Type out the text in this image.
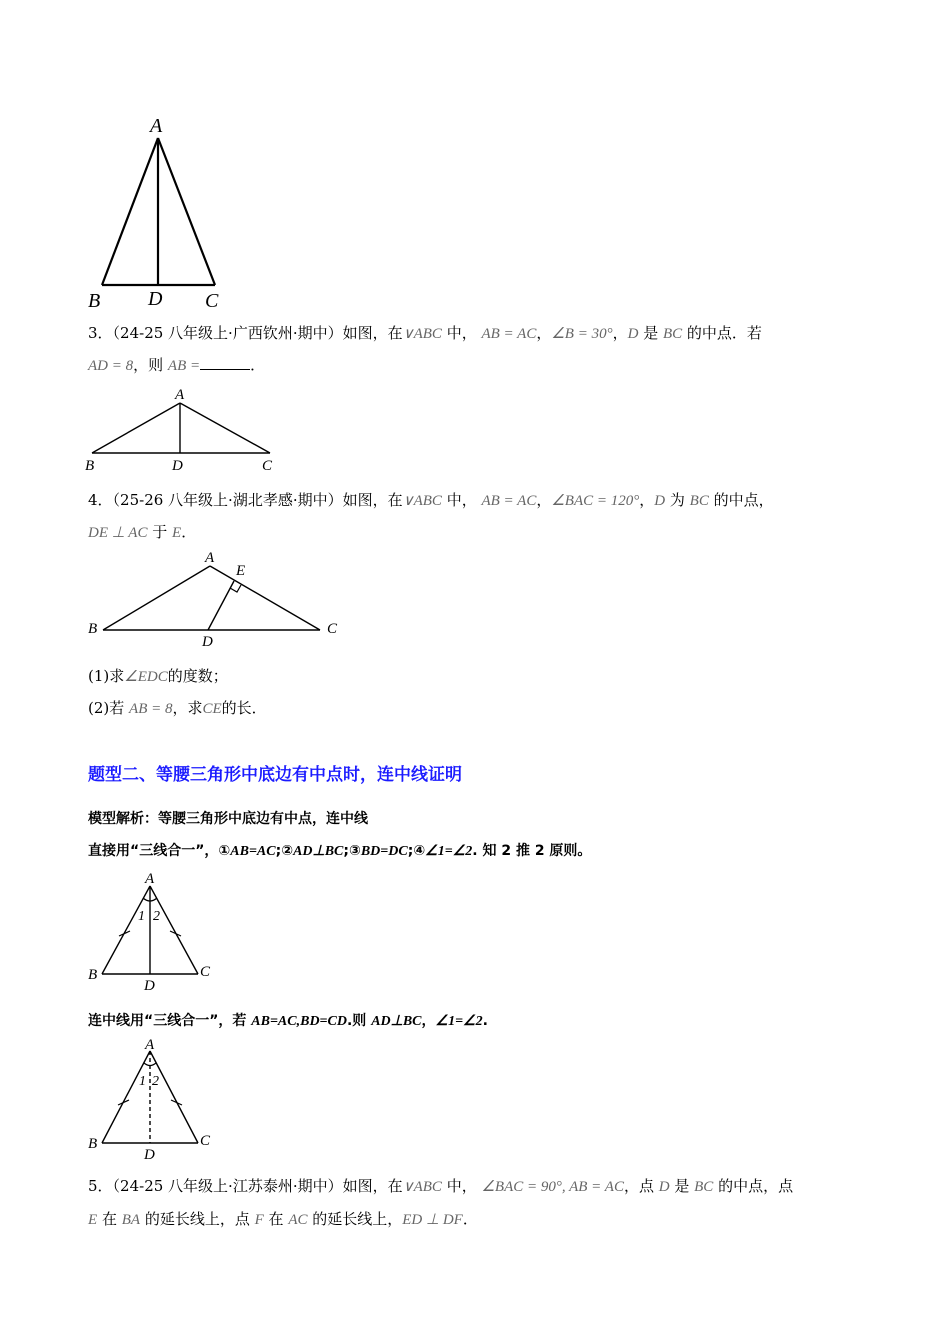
A
B D C
3．（24-25 八年级上·广西钦州·期中）如图，在∨ABC 中， AB = AC，∠B = 30°，D 是 BC 的中点．若
AD = 8，则 AB =	．
A
B	D	C
4．（25-26 八年级上·湖北孝感·期中）如图，在∨ABC 中， AB = AC，∠BAC = 120°，D 为 BC 的中点，
DE ⊥ AC 于 E．
A
E
B
D
C
(1)求∠EDC的度数；
(2)若 AB = 8，求CE的长．
题型二、等腰三角形中底边有中点时，连中线证明
模型解析：等腰三角形中底边有中点，连中线
直接用“三线合一”，①AB=AC;②AD⊥BC;③BD=DC;④∠1=∠2. 知 2 推 2 原则。
A
1 2
B
D
C
连中线用“三线合一”，若 AB=AC,BD=CD.则 AD⊥BC，∠1=∠2.
A
1 2
B
D
C
5．（24-25 八年级上·江苏泰州·期中）如图，在∨ABC 中， ∠BAC = 90°, AB = AC，点 D 是 BC 的中点，点
E 在 BA 的延长线上，点 F 在 AC 的延长线上，ED ⊥ DF．
